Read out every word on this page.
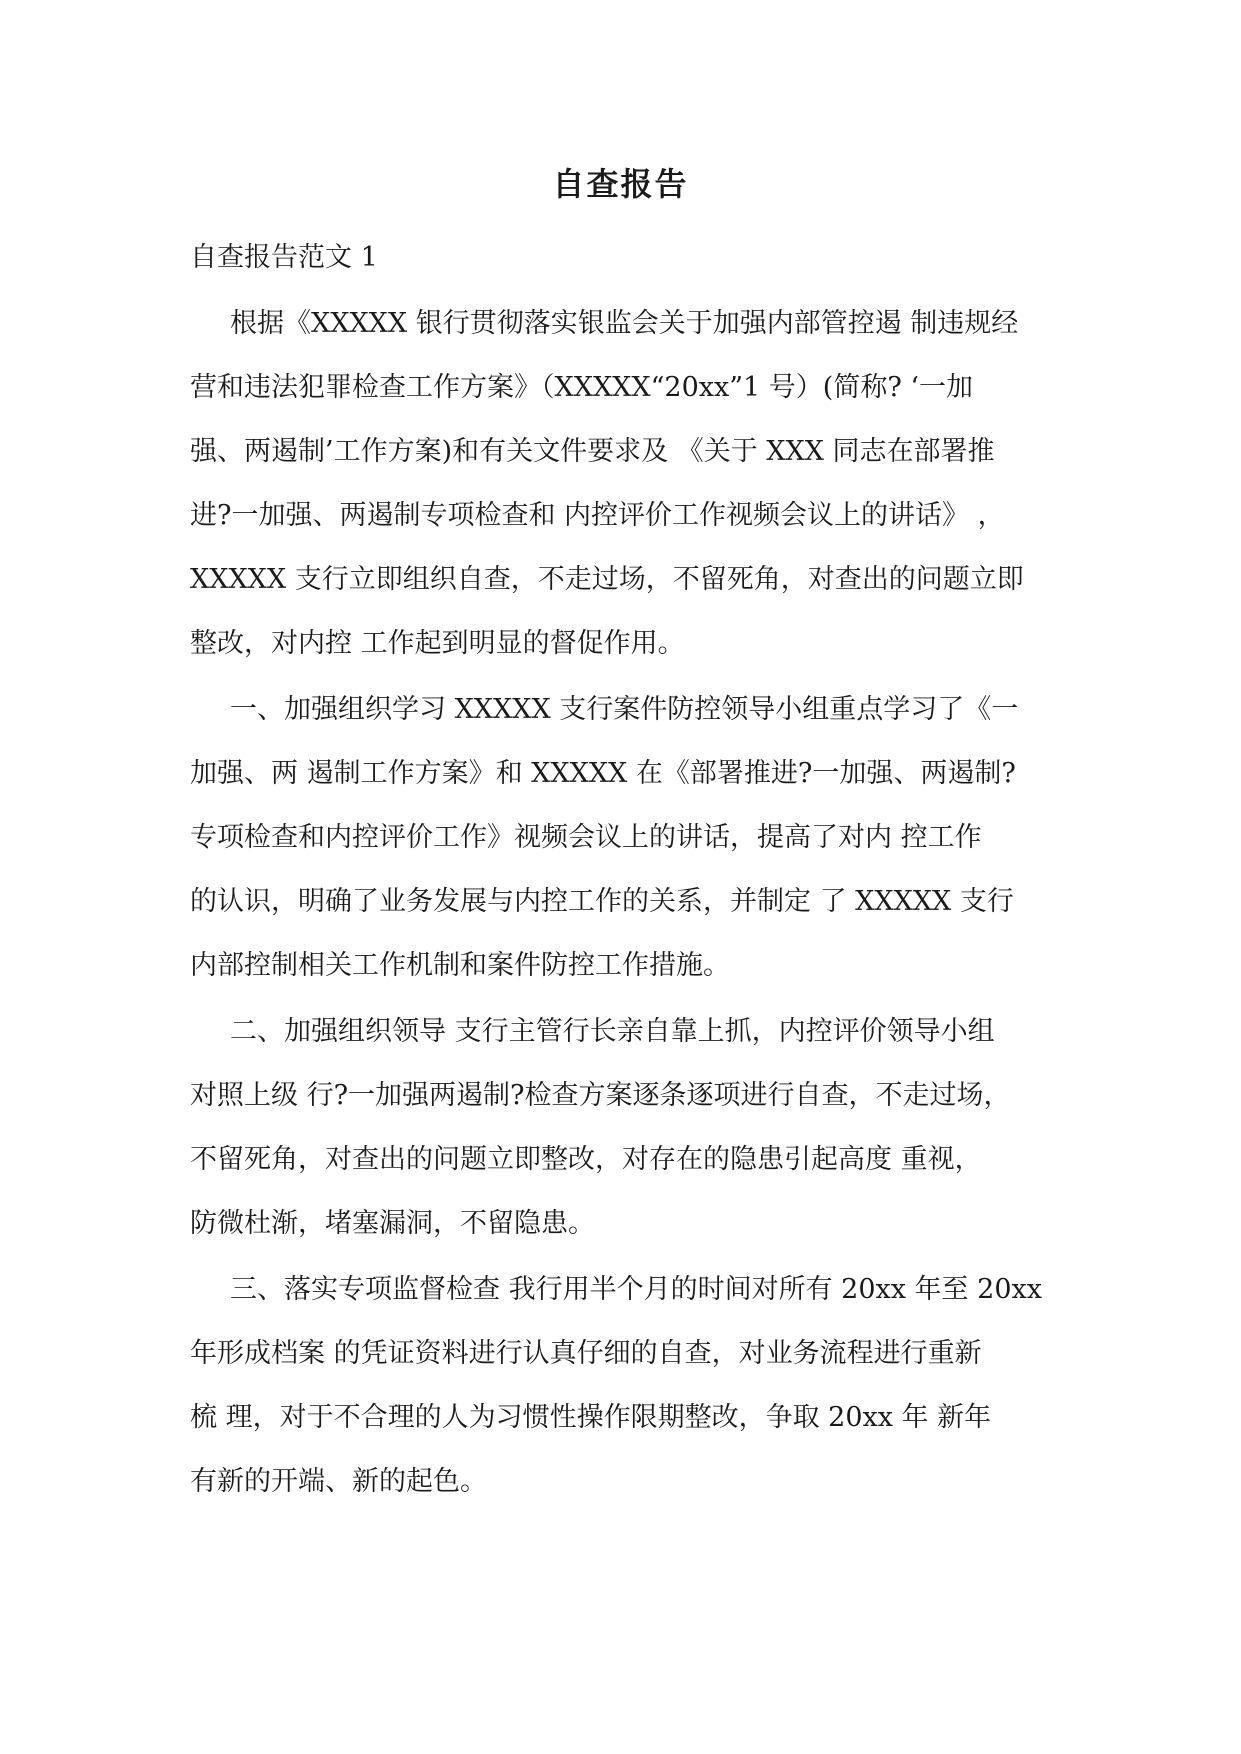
自查报告
自查报告范文 1
根据《XXXXX 银行贯彻落实银监会关于加强内部管控遏 制违规经
营和违法犯罪检查工作方案》（XXXXX“20xx”1 号）(简称? ‘一加
强、两遏制’工作方案)和有关文件要求及 《关于 XXX 同志在部署推
进?一加强、两遏制专项检查和 内控评价工作视频会议上的讲话》 ，
XXXXX 支行立即组织自查，不走过场，不留死角，对查出的问题立即
整改，对内控 工作起到明显的督促作用。
一、加强组织学习 XXXXX 支行案件防控领导小组重点学习了《一
加强、两 遏制工作方案》和 XXXXX 在《部署推进?一加强、两遏制?
专项检查和内控评价工作》视频会议上的讲话，提高了对内 控工作
的认识，明确了业务发展与内控工作的关系，并制定 了 XXXXX 支行
内部控制相关工作机制和案件防控工作措施。
二、加强组织领导 支行主管行长亲自靠上抓，内控评价领导小组
对照上级 行?一加强两遏制?检查方案逐条逐项进行自查，不走过场，
不留死角，对查出的问题立即整改，对存在的隐患引起高度 重视，
防微杜渐，堵塞漏洞，不留隐患。
三、落实专项监督检查 我行用半个月的时间对所有 20xx 年至 20xx
年形成档案 的凭证资料进行认真仔细的自查，对业务流程进行重新
梳 理，对于不合理的人为习惯性操作限期整改，争取 20xx 年 新年
有新的开端、新的起色。
